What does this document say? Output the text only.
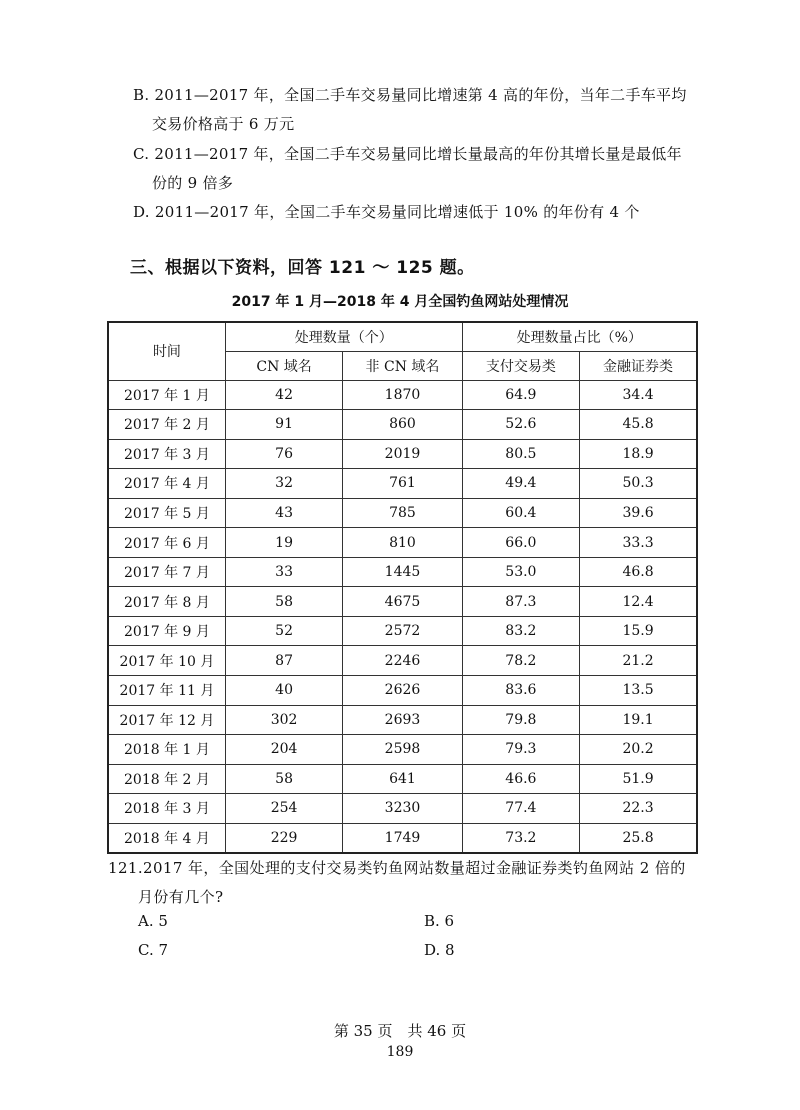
B. 2011—2017 年，全国二手车交易量同比增速第 4 高的年份，当年二手车平均
交易价格高于 6 万元
C. 2011—2017 年，全国二手车交易量同比增长量最高的年份其增长量是最低年
份的 9 倍多
D. 2011—2017 年，全国二手车交易量同比增速低于 10% 的年份有 4 个
三、根据以下资料，回答 121 ～ 125 题。
2017 年 1 月—2018 年 4 月全国钓鱼网站处理情况
时间	处理数量（个）		处理数量占比（%）	
	CN 域名	非 CN 域名	支付交易类	金融证券类
2017 年 1 月	42	1870	64.9	34.4
2017 年 2 月	91	860	52.6	45.8
2017 年 3 月	76	2019	80.5	18.9
2017 年 4 月	32	761	49.4	50.3
2017 年 5 月	43	785	60.4	39.6
2017 年 6 月	19	810	66.0	33.3
2017 年 7 月	33	1445	53.0	46.8
2017 年 8 月	58	4675	87.3	12.4
2017 年 9 月	52	2572	83.2	15.9
2017 年 10 月	87	2246	78.2	21.2
2017 年 11 月	40	2626	83.6	13.5
2017 年 12 月	302	2693	79.8	19.1
2018 年 1 月	204	2598	79.3	20.2
2018 年 2 月	58	641	46.6	51.9
2018 年 3 月	254	3230	77.4	22.3
2018 年 4 月	229	1749	73.2	25.8
121.2017 年，全国处理的支付交易类钓鱼网站数量超过金融证券类钓鱼网站 2 倍的
月份有几个?
A. 5	B. 6
C. 7	D. 8
第 35 页　共 46 页
189
